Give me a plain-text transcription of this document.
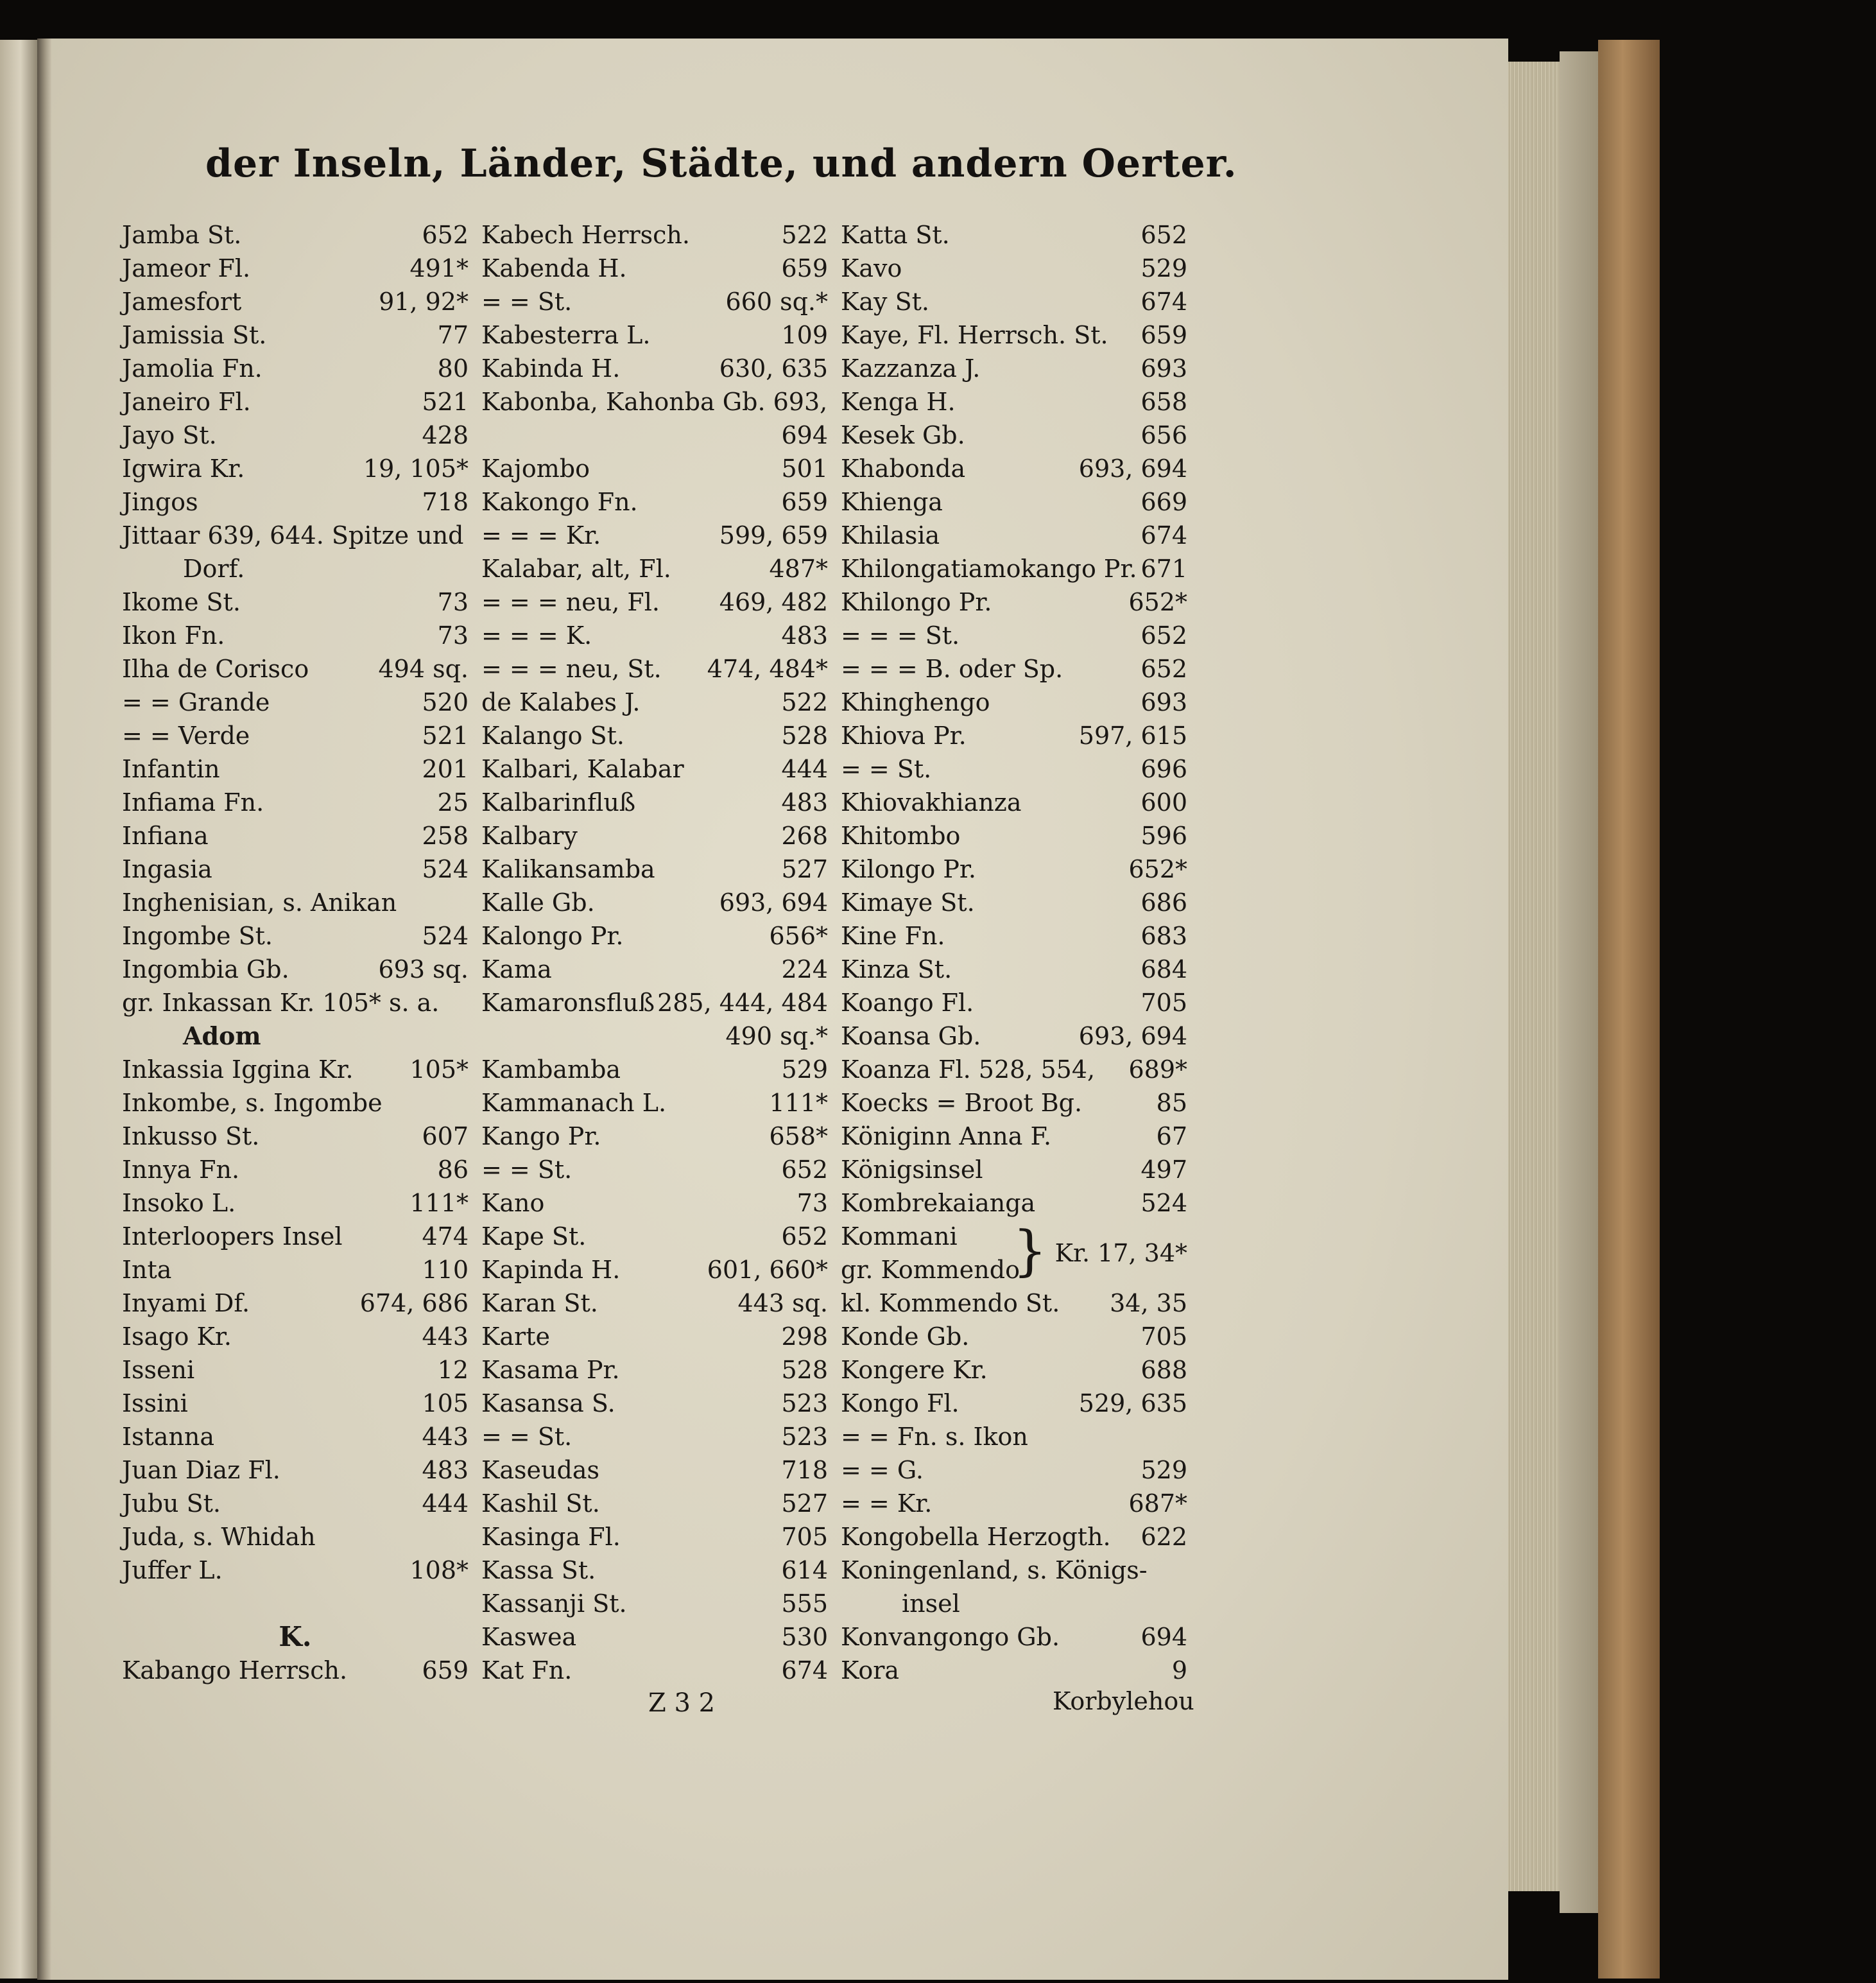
der Inseln, Länder, Städte, und andern Oerter.
Jamba St.	652
Jameor Fl.	491*
Jamesfort	91, 92*
Jamissia St.	77
Jamolia Fn.	80
Janeiro Fl.	521
Jayo St.	428
Igwira Kr.	19, 105*
Jingos	718
Jittaar 639, 644. Spitze und
Dorf.
Ikome St.	73
Ikon Fn.	73
Ilha de Corisco	494 sq.
= = Grande	520
= = Verde	521
Infantin	201
Infiama Fn.	25
Infiana	258
Ingasia	524
Inghenisian, s. Anikan
Ingombe St.	524
Ingombia Gb.	693 sq.
gr. Inkassan Kr. 105* s. a.
Adom
Inkassia Iggina Kr. 105*
Inkombe, s. Ingombe
Inkusso St.	607
Innya Fn.	86
Insoko L.	111*
Interloopers Insel	474
Inta	110
Inyami Df.	674, 686
Isago Kr.	443
Isseni	12
Issini	105
Istanna	443
Juan Diaz Fl.	483
Jubu St.	444
Juda, s. Whidah
Juffer L.	108*
K.
Kabango Herrsch.	659
Kabech Herrsch.	522
Kabenda H.	659
= = St.	660 sq.*
Kabesterra L.	109
Kabinda H.	630, 635
Kabonba, Kahonba Gb. 693,
694
Kajombo	501
Kakongo Fn.	659
= = = Kr.	599, 659
Kalabar, alt, Fl.	487*
= = = neu, Fl. 469, 482
= = = K.	483
= = = neu, St. 474, 484*
de Kalabes J.	522
Kalango St.	528
Kalbari, Kalabar	444
Kalbarinfluß	483
Kalbary	268
Kalikansamba	527
Kalle Gb.	693, 694
Kalongo Pr.	656*
Kama	224
Kamaronsfluß 285, 444, 484
490 sq.*
Kambamba	529
Kammanach L.	111*
Kango Pr.	658*
= = St.	652
Kano	73
Kape St.	652
Kapinda H.	601, 660*
Karan St.	443 sq.
Karte	298
Kasama Pr.	528
Kasansa S.	523
= = St.	523
Kaseudas	718
Kashil St.	527
Kasinga Fl.	705
Kassa St.	614
Kassanji St.	555
Kaswea	530
Kat Fn.	674
Katta St.	652
Kavo	529
Kay St.	674
Kaye, Fl. Herrsch. St. 659
Kazzanza J.	693
Kenga H.	658
Kesek Gb.	656
Khabonda	693, 694
Khienga	669
Khilasia	674
Khilongatiamokango Pr. 671
Khilongo Pr.	652*
= = = St.	652
= = = B. oder Sp.	652
Khinghengo	693
Khiova Pr.	597, 615
= = St.	696
Khiovakhianza	600
Khitombo	596
Kilongo Pr.	652*
Kimaye St.	686
Kine Fn.	683
Kinza St.	684
Koango Fl.	705
Koansa Gb.	693, 694
Koanza Fl. 528, 554, 689*
Koecks = Broot Bg.	85
Königinn Anna F.	67
Königsinsel	497
Kombrekaianga	524
Kommani
gr. Kommendo
} Kr. 17, 34*
kl. Kommendo St. 34, 35
Konde Gb.	705
Kongere Kr.	688
Kongo Fl.	529, 635
= = Fn. s. Ikon
= = G.	529
= = Kr.	687*
Kongobella Herzogth. 622
Koningenland, s. Königs-
insel
Konvangongo Gb.	694
Kora	9
Z 3 2	Korbylehou
